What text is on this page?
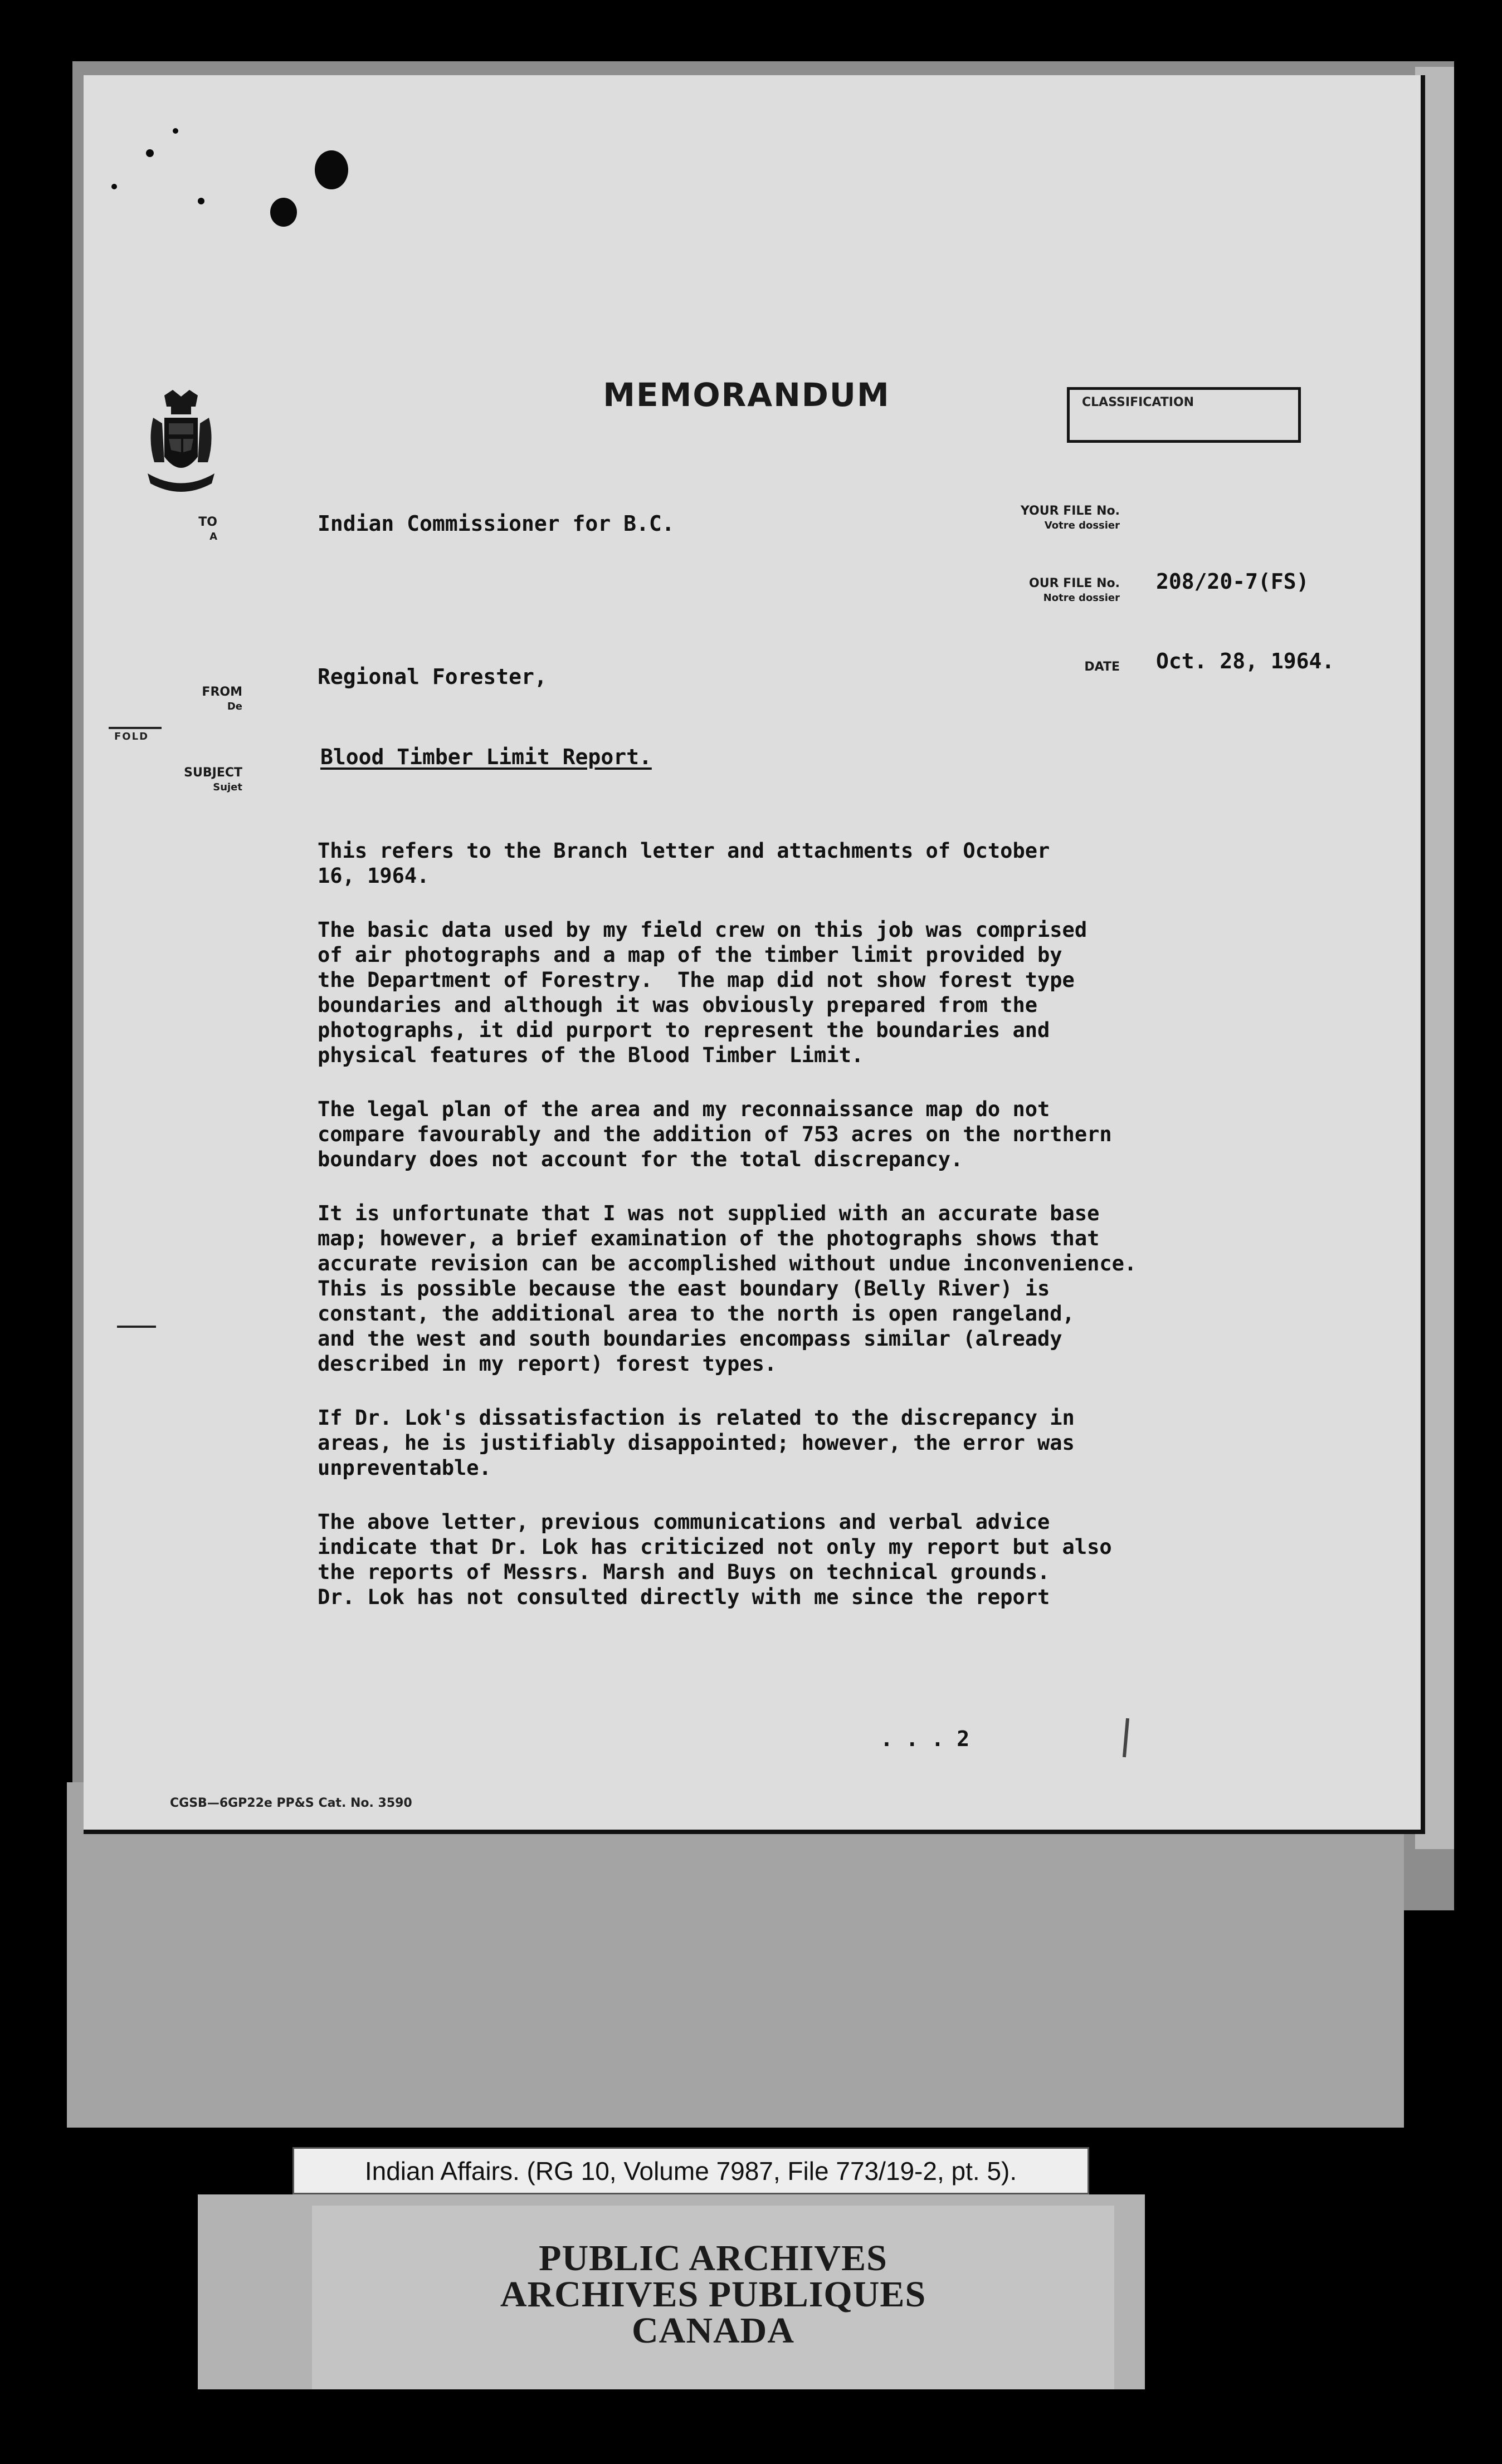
MEMORANDUM	CLASSIFICATION
TO
A
FROM
De
FOLD
SUBJECT
Sujet
YOUR FILE No.
Votre dossier
OUR FILE No.
Notre dossier
DATE
Indian Commissioner for B.C.
208/20-7(FS)
Oct. 28, 1964.
Regional Forester,
Blood Timber Limit Report.
This refers to the Branch letter and attachments of October
16, 1964.
The basic data used by my field crew on this job was comprised
of air photographs and a map of the timber limit provided by
the Department of Forestry.  The map did not show forest type
boundaries and although it was obviously prepared from the
photographs, it did purport to represent the boundaries and
physical features of the Blood Timber Limit.
The legal plan of the area and my reconnaissance map do not
compare favourably and the addition of 753 acres on the northern
boundary does not account for the total discrepancy.
It is unfortunate that I was not supplied with an accurate base
map; however, a brief examination of the photographs shows that
accurate revision can be accomplished without undue inconvenience.
This is possible because the east boundary (Belly River) is
constant, the additional area to the north is open rangeland,
and the west and south boundaries encompass similar (already
described in my report) forest types.
If Dr. Lok's dissatisfaction is related to the discrepancy in
areas, he is justifiably disappointed; however, the error was
unpreventable.
The above letter, previous communications and verbal advice
indicate that Dr. Lok has criticized not only my report but also
the reports of Messrs. Marsh and Buys on technical grounds.
Dr. Lok has not consulted directly with me since the report
. . . 2
CGSB—6GP22e PP&S Cat. No. 3590
Indian Affairs. (RG 10, Volume 7987, File 773/19-2, pt. 5).
PUBLIC ARCHIVES
ARCHIVES PUBLIQUES
CANADA
